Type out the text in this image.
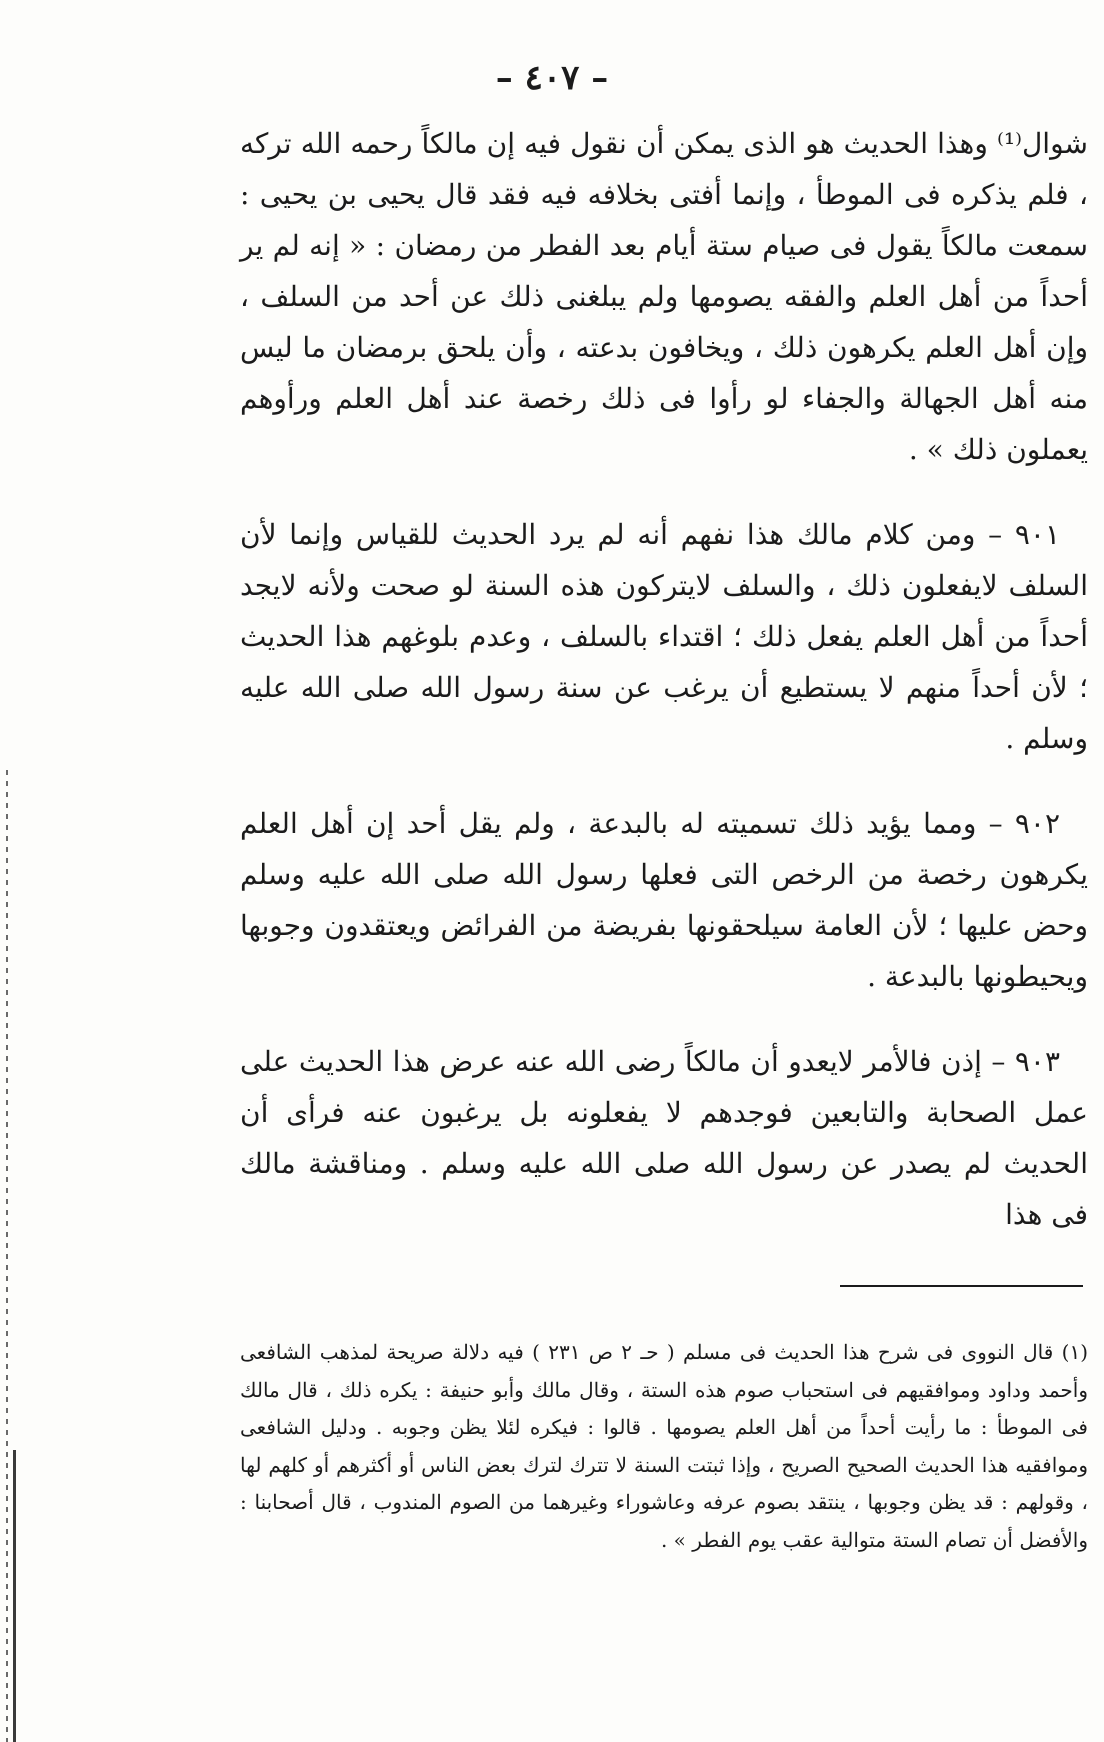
– ٤٠٧ –

شوال⁽¹⁾ وهذا الحديث هو الذى يمكن أن نقول فيه إن مالكاً رحمه الله تركه ، فلم يذكره فى الموطأ ، وإنما أفتى بخلافه فيه فقد قال يحيى بن يحيى : سمعت مالكاً يقول فى صيام ستة أيام بعد الفطر من رمضان : « إنه لم ير أحداً من أهل العلم والفقه يصومها ولم يبلغنى ذلك عن أحد من السلف ، وإن أهل العلم يكرهون ذلك ، ويخافون بدعته ، وأن يلحق برمضان ما ليس منه أهل الجهالة والجفاء لو رأوا فى ذلك رخصة عند أهل العلم ورأوهم يعملون ذلك » .

٩٠١ – ومن كلام مالك هذا نفهم أنه لم يرد الحديث للقياس وإنما لأن السلف لايفعلون ذلك ، والسلف لايتركون هذه السنة لو صحت ولأنه لايجد أحداً من أهل العلم يفعل ذلك ؛ اقتداء بالسلف ، وعدم بلوغهم هذا الحديث ؛ لأن أحداً منهم لا يستطيع أن يرغب عن سنة رسول الله صلى الله عليه وسلم .

٩٠٢ – ومما يؤيد ذلك تسميته له بالبدعة ، ولم يقل أحد إن أهل العلم يكرهون رخصة من الرخص التى فعلها رسول الله صلى الله عليه وسلم وحض عليها ؛ لأن العامة سيلحقونها بفريضة من الفرائض ويعتقدون وجوبها ويحيطونها بالبدعة .

٩٠٣ – إذن فالأمر لايعدو أن مالكاً رضى الله عنه عرض هذا الحديث على عمل الصحابة والتابعين فوجدهم لا يفعلونه بل يرغبون عنه فرأى أن الحديث لم يصدر عن رسول الله صلى الله عليه وسلم . ومناقشة مالك فى هذا

(١) قال النووى فى شرح هذا الحديث فى مسلم ( حـ ٢ ص ٢٣١ ) فيه دلالة صريحة لمذهب الشافعى وأحمد وداود وموافقيهم فى استحباب صوم هذه الستة ، وقال مالك وأبو حنيفة : يكره ذلك ، قال مالك فى الموطأ : ما رأيت أحداً من أهل العلم يصومها . قالوا : فيكره لئلا يظن وجوبه . ودليل الشافعى وموافقيه هذا الحديث الصحيح الصريح ، وإذا ثبتت السنة لا تترك لترك بعض الناس أو أكثرهم أو كلهم لها ، وقولهم : قد يظن وجوبها ، ينتقد بصوم عرفه وعاشوراء وغيرهما من الصوم المندوب ، قال أصحابنا : والأفضل أن تصام الستة متوالية عقب يوم الفطر » .
